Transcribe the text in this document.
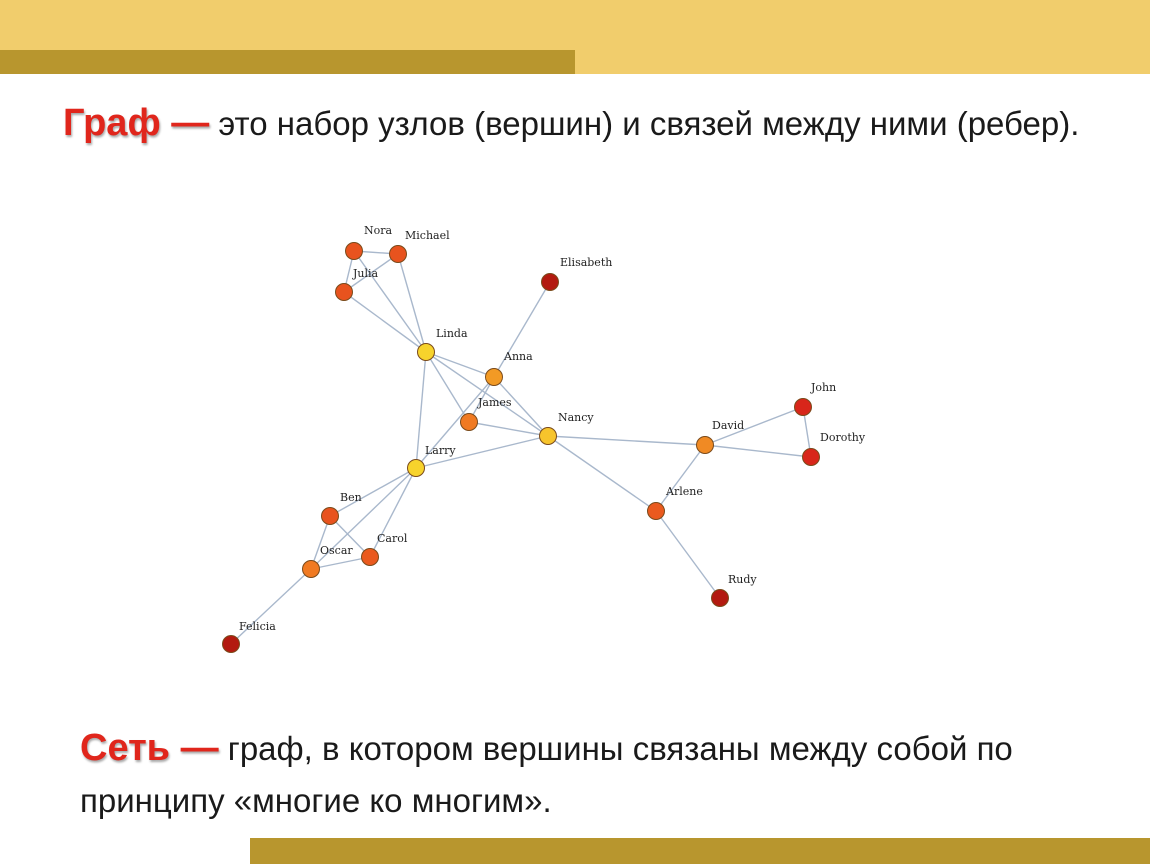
Граф — это набор узлов (вершин) и связей между ними (ребер).
Nora Michael
Julia
Elisabeth
Linda
Anna
James
Nancy
Larry
John
David
Dorothy
Arlene
Ben
Carol
Oscar
Rudy
Felicia
Сеть — граф, в котором вершины связаны между собой по принципу «многие ко многим».
